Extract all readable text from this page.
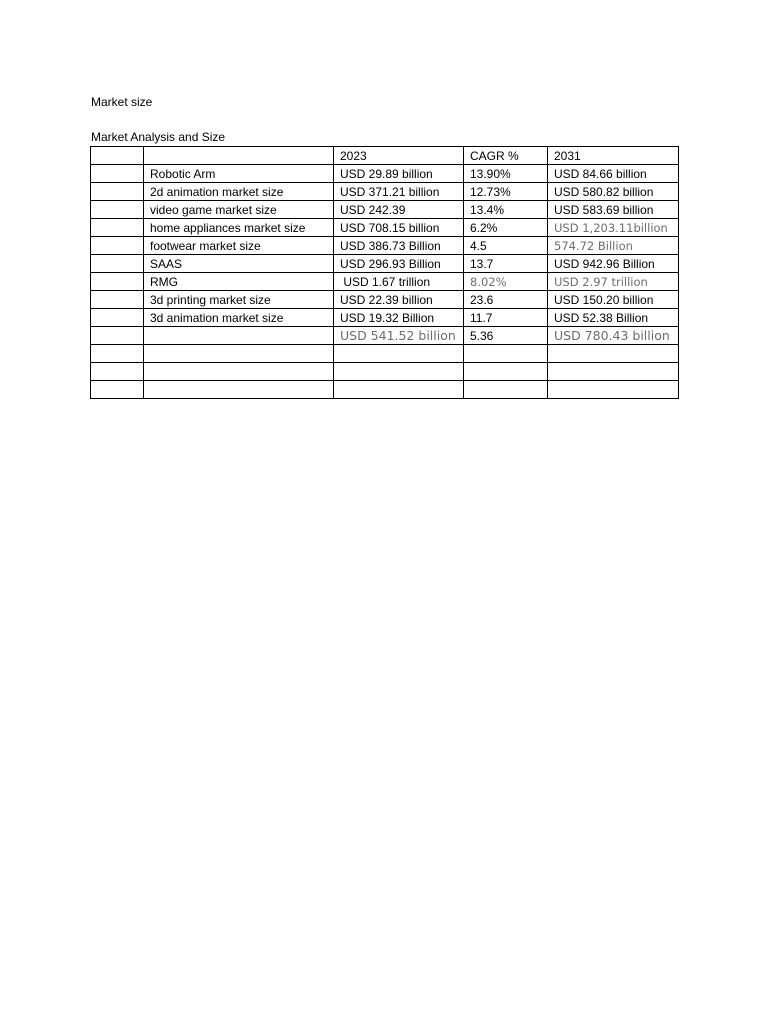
Market size
Market Analysis and Size
		2023	CAGR %	2031
	Robotic Arm	USD 29.89 billion	13.90%	USD 84.66 billion
	2d animation market size	USD 371.21 billion	12.73%	USD 580.82 billion
	video game market size	USD 242.39	13.4%	USD 583.69 billion
	home appliances market size	USD 708.15 billion	6.2%	USD 1,203.11billion
	footwear market size	USD 386.73 Billion	4.5	574.72 Billion
	SAAS	USD 296.93 Billion	13.7	USD 942.96 Billion
	RMG	USD 1.67 trillion	8.02%	USD 2.97 trillion
	3d printing market size	USD 22.39 billion	23.6	USD 150.20 billion
	3d animation market size	USD 19.32 Billion	11.7	USD 52.38 Billion
		USD 541.52 billion	5.36	USD 780.43 billion
